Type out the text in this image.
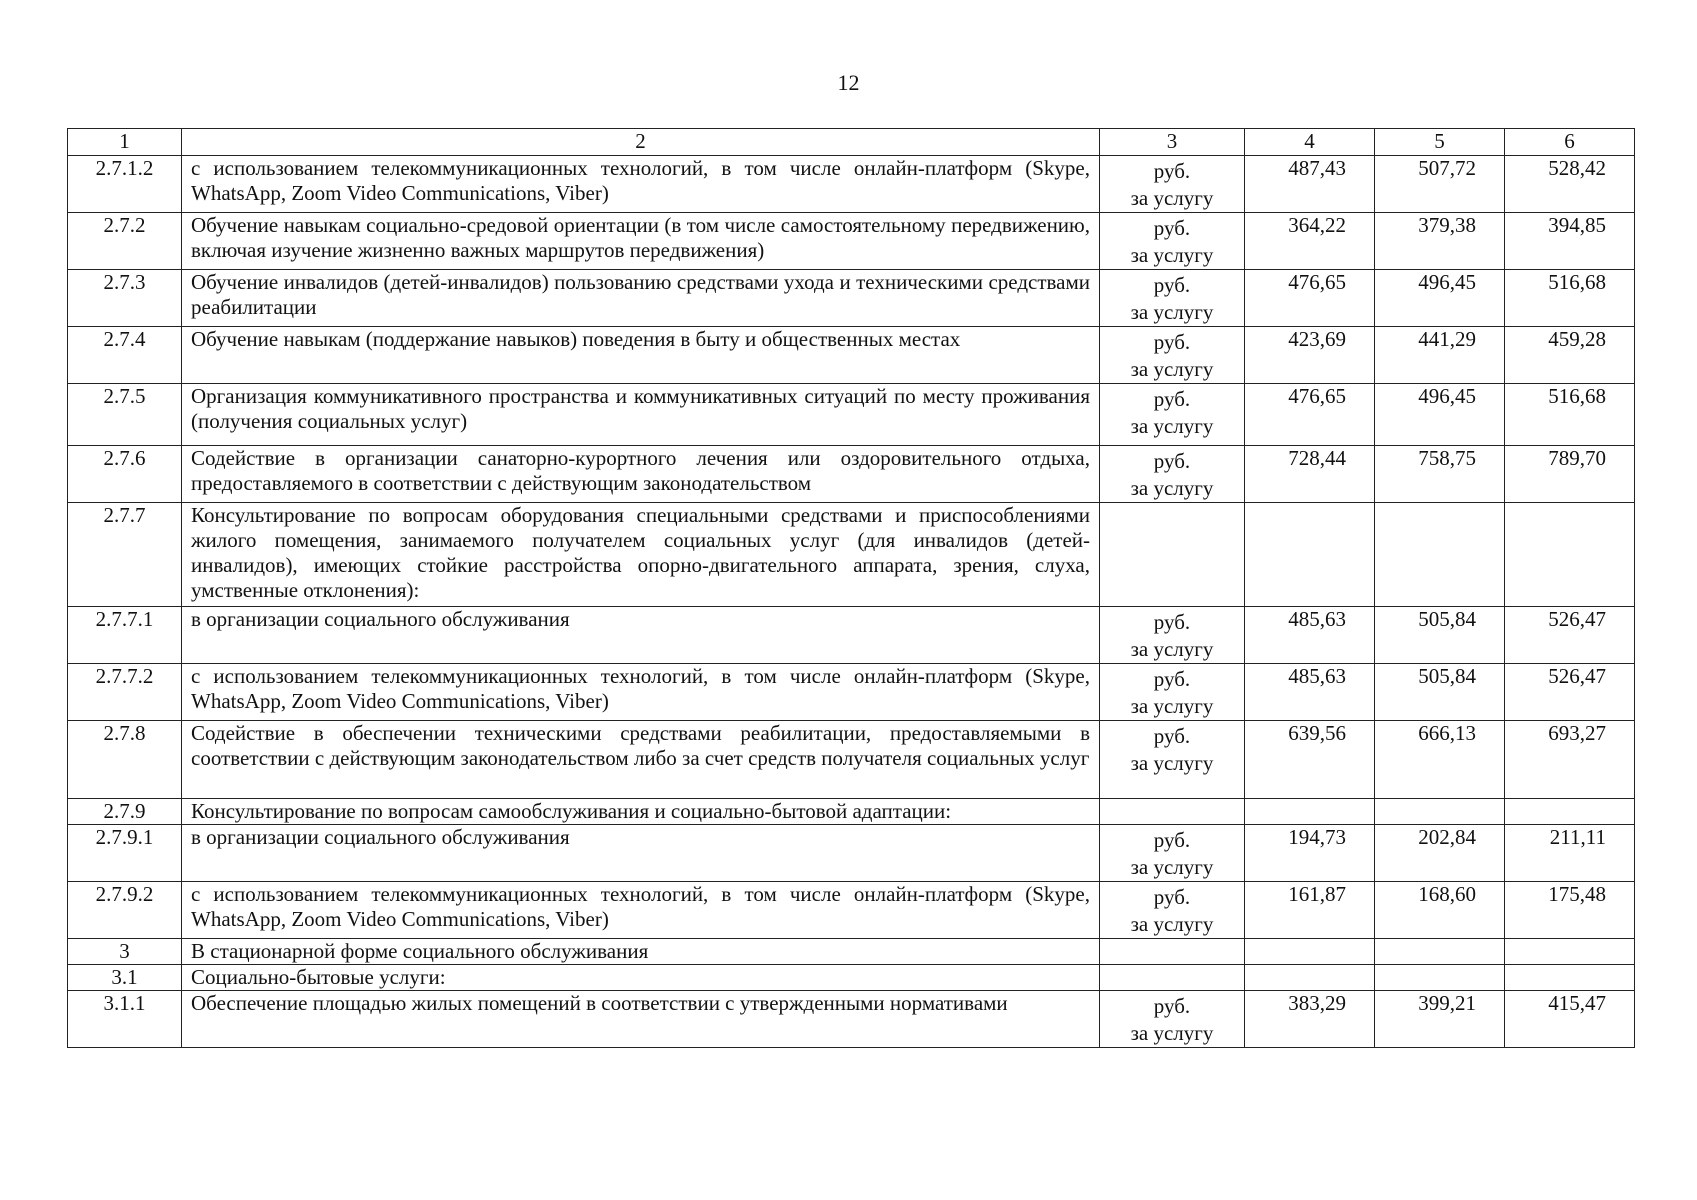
12
1	2	3	4	5	6
2.7.1.2	с использованием телекоммуникационных технологий, в том числе онлайн-платформ (Skype, WhatsApp, Zoom Video Communications, Viber)	руб.
за услугу	487,43	507,72	528,42
2.7.2	Обучение навыкам социально-средовой ориентации (в том числе самостоятельному передвижению, включая изучение жизненно важных маршрутов передвижения)	руб.
за услугу	364,22	379,38	394,85
2.7.3	Обучение инвалидов (детей-инвалидов) пользованию средствами ухода и техническими средствами реабилитации	руб.
за услугу	476,65	496,45	516,68
2.7.4	Обучение навыкам (поддержание навыков) поведения в быту и общественных местах	руб.
за услугу	423,69	441,29	459,28
2.7.5	Организация коммуникативного пространства и коммуникативных ситуаций по месту проживания (получения социальных услуг)	руб.
за услугу	476,65	496,45	516,68
2.7.6	Содействие в организации санаторно-курортного лечения или оздоровительного отдыха, предоставляемого в соответствии с действующим законодательством	руб.
за услугу	728,44	758,75	789,70
2.7.7	Консультирование по вопросам оборудования специальными средствами и приспособлениями жилого помещения, занимаемого получателем социальных услуг (для инвалидов (детей-инвалидов), имеющих стойкие расстройства опорно-двигательного аппарата, зрения, слуха, умственные отклонения):	

2.7.7.1	в организации социального обслуживания	руб.
за услугу	485,63	505,84	526,47
2.7.7.2	с использованием телекоммуникационных технологий, в том числе онлайн-платформ (Skype, WhatsApp, Zoom Video Communications, Viber)	руб.
за услугу	485,63	505,84	526,47
2.7.8	Содействие в обеспечении техническими средствами реабилитации, предоставляемыми в соответствии с действующим законодательством либо за счет средств получателя социальных услуг	руб.
за услугу	639,56	666,13	693,27
2.7.9	Консультирование по вопросам самообслуживания и социально-бытовой адаптации:	

2.7.9.1	в организации социального обслуживания	руб.
за услугу	194,73	202,84	211,11
2.7.9.2	с использованием телекоммуникационных технологий, в том числе онлайн-платформ (Skype, WhatsApp, Zoom Video Communications, Viber)	руб.
за услугу	161,87	168,60	175,48
3	В стационарной форме социального обслуживания	

3.1	Социально-бытовые услуги:	

3.1.1	Обеспечение площадью жилых помещений в соответствии с утвержденными нормативами	руб.
за услугу	383,29	399,21	415,47
